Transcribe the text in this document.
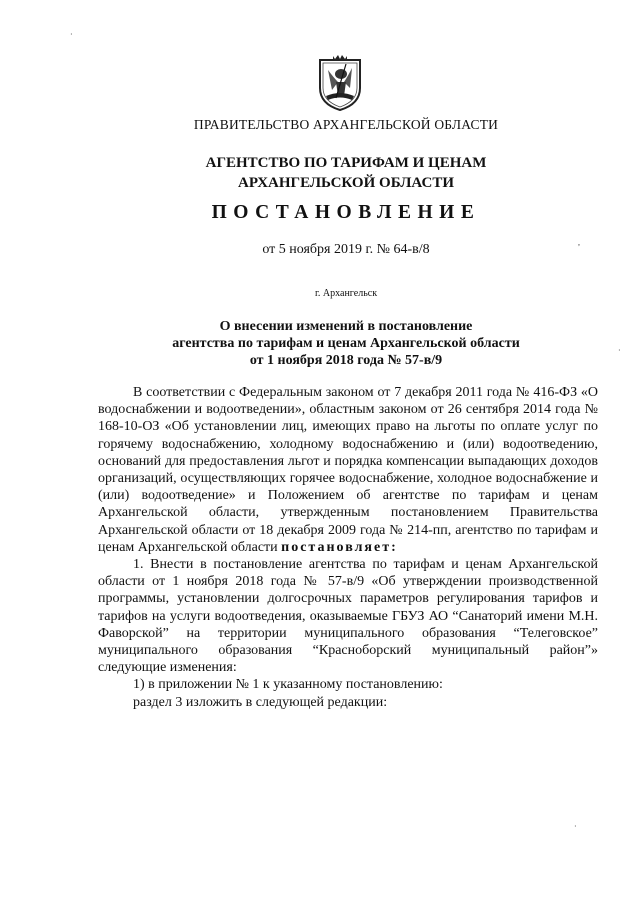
ПРАВИТЕЛЬСТВО АРХАНГЕЛЬСКОЙ ОБЛАСТИ

АГЕНТСТВО ПО ТАРИФАМ И ЦЕНАМ
АРХАНГЕЛЬСКОЙ ОБЛАСТИ

ПОСТАНОВЛЕНИЕ

от 5 ноября 2019 г. № 64-в/8

г. Архангельск

О внесении изменений в постановление
агентства по тарифам и ценам Архангельской области
от 1 ноября 2018 года № 57-в/9

В соответствии с Федеральным законом от 7 декабря 2011 года № 416-ФЗ «О водоснабжении и водоотведении», областным законом от 26 сентября 2014 года № 168-10-ОЗ «Об установлении лиц, имеющих право на льготы по оплате услуг по горячему водоснабжению, холодному водоснабжению и (или) водоотведению, оснований для предоставления льгот и порядка компенсации выпадающих доходов организаций, осуществляющих горячее водоснабжение, холодное водоснабжение и (или) водоотведение» и Положением об агентстве по тарифам и ценам Архангельской области, утвержденным постановлением Правительства Архангельской области от 18 декабря 2009 года № 214-пп, агентство по тарифам и ценам Архангельской области постановляет:

1. Внести в постановление агентства по тарифам и ценам Архангельской области от 1 ноября 2018 года № 57-в/9 «Об утверждении производственной программы, установлении долгосрочных параметров регулирования тарифов и тарифов на услуги водоотведения, оказываемые ГБУЗ АО “Санаторий имени М.Н. Фаворской” на территории муниципального образования “Телеговское” муниципального образования “Красноборский муниципальный район”» следующие изменения:

1) в приложении № 1 к указанному постановлению:

раздел 3 изложить в следующей редакции:

·
,
·
·
